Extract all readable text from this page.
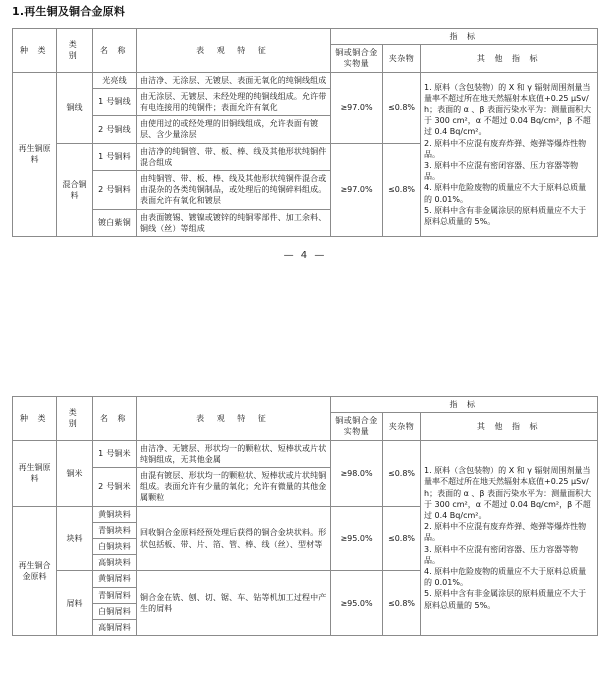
1.再生铜及铜合金原料
种 类	类 别	名 称	表 观 特 征	指 标		
				铜或铜合金实物量	夹杂物	其 他 指 标
再生铜原料	铜线	光亮线	由洁净、无涂层、无镀层、表面无氧化的纯铜线组成	≥97.0%	≤0.8%	1. 原料（含包装物）的 X 和 γ 辐射周围剂量当量率不超过所在地天然辐射本底值+0.25 μSv/h；表面的 α 、β 表面污染水平为：测量面积大于 300 cm²，α 不超过 0.04 Bq/cm²，β 不超过 0.4 Bq/cm²。

2. 原料中不应混有废弃炸弹、炮弹等爆炸性物品。

3. 原料中不应混有密闭容器、压力容器等物品。

4. 原料中危险废物的质量应不大于原料总质量的 0.01%。

5. 原料中含有非金属涂层的原料质量应不大于原料总质量的 5%。

		1 号铜线	由无涂层、无镀层、未经处理的纯铜线组成。允许带有电连接用的纯铜件；表面允许有氧化			
		2 号铜线	由使用过的或经处理的旧铜线组成，允许表面有镀层、含少量涂层			
	混合铜料	1 号铜料	由洁净的纯铜管、带、板、棒、线及其他形状纯铜件混合组成	≥97.0%	≤0.8%	
		2 号铜料	由纯铜管、带、板、棒、线及其他形状纯铜件混合或由混杂的各类纯铜制品，或处理后的纯铜碎料组成。表面允许有氧化和镀层			
		镀白紫铜	由表面镀锡、镀镍或镀锌的纯铜零部件、加工余料、铜线（丝）等组成			
— 4 —
种 类	类 别	名 称	表 观 特 征	指 标		
				铜或铜合金实物量	夹杂物	其 他 指 标
再生铜原料	铜米	1 号铜米	由洁净、无镀层、形状均一的颗粒状、短棒状或片状纯铜组成，无其他金属	≥98.0%	≤0.8%	1. 原料（含包装物）的 X 和 γ 辐射周围剂量当量率不超过所在地天然辐射本底值+0.25 μSv/h；表面的 α 、β 表面污染水平为：测量面积大于 300 cm²，α 不超过 0.04 Bq/cm²，β 不超过 0.4 Bq/cm²。

2. 原料中不应混有废弃炸弹、炮弹等爆炸性物品。

3. 原料中不应混有密闭容器、压力容器等物品。

4. 原料中危险废物的质量应不大于原料总质量的 0.01%。

5. 原料中含有非金属涂层的原料质量应不大于原料总质量的 5%。

		2 号铜米	由混有镀层、形状均一的颗粒状、短棒状或片状纯铜组成。表面允许有少量的氧化；允许有微量的其他金属颗粒			
再生铜合金原料	块料	黄铜块料	回收铜合金原料经预处理后获得的铜合金块状料。形状包括板、带、片、箔、管、棒、线（丝）、型材等	≥95.0%	≤0.8%	
		青铜块料				
		白铜块料				
		高铜块料				
	屑料	黄铜屑料	铜合金在铣、刨、切、锯、车、钻等机加工过程中产生的屑料	≥95.0%	≤0.8%	
		青铜屑料				
		白铜屑料				
		高铜屑料				
